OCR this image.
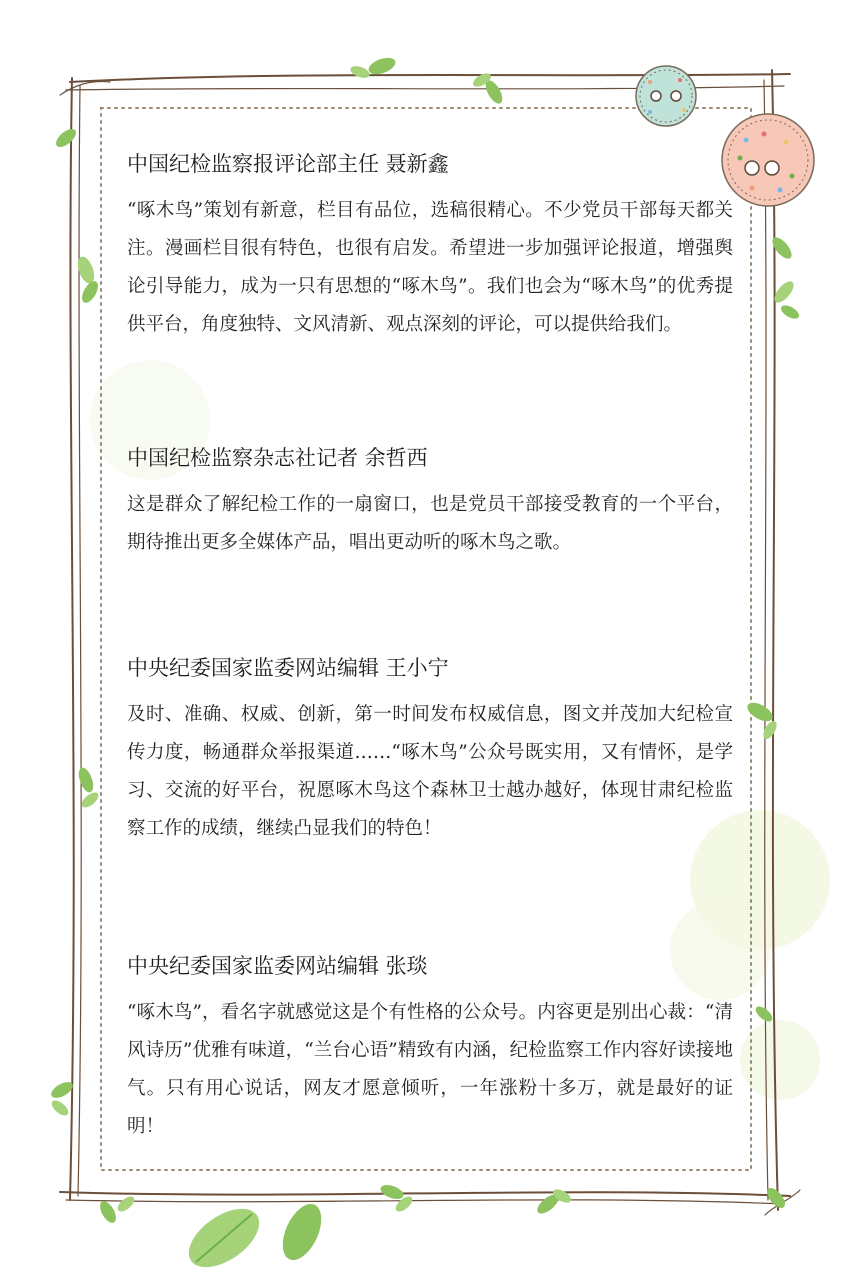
中国纪检监察报评论部主任 聂新鑫

“啄木鸟”策划有新意，栏目有品位，选稿很精心。不少党员干部每天都关注。漫画栏目很有特色，也很有启发。希望进一步加强评论报道，增强舆论引导能力，成为一只有思想的“啄木鸟”。我们也会为“啄木鸟”的优秀提供平台，角度独特、文风清新、观点深刻的评论，可以提供给我们。

中国纪检监察杂志社记者 余哲西

这是群众了解纪检工作的一扇窗口，也是党员干部接受教育的一个平台，期待推出更多全媒体产品，唱出更动听的啄木鸟之歌。

中央纪委国家监委网站编辑 王小宁

及时、准确、权威、创新，第一时间发布权威信息，图文并茂加大纪检宣传力度，畅通群众举报渠道……“啄木鸟”公众号既实用，又有情怀，是学习、交流的好平台，祝愿啄木鸟这个森林卫士越办越好，体现甘肃纪检监察工作的成绩，继续凸显我们的特色！

中央纪委国家监委网站编辑 张琰

“啄木鸟”，看名字就感觉这是个有性格的公众号。内容更是别出心裁：“清风诗历”优雅有味道，“兰台心语”精致有内涵，纪检监察工作内容好读接地气。只有用心说话，网友才愿意倾听，一年涨粉十多万，就是最好的证明！
